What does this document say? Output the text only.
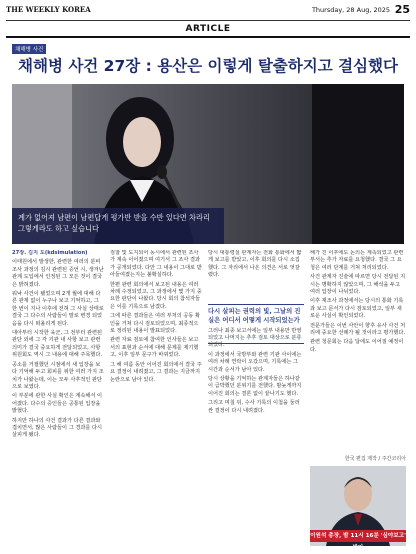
THE WEEKLY KOREA	Thursday, 28 Aug, 2025 25
ARTICLE
채해병 사건
채해병 사건 27장 : 용산은 이렇게 탈출하지고 결심했다
계가 없어져 남편이 남편답게 평가반 받을 수반 있다면 차라리 그렇게라도 하고 싶습니다

27장. 김지 도(kdsimulation)

이태원에서 발생한, 관련한 여러의 분비 조사 과정의 김시 관련된 증언 시, 생겨난 관계 도입에서 인정된 그 모든 것이 결국은 밝혀졌다.

워낙 사건이 됐었으며 2개 월에 대해 다른 관계 없이 누구나 보고 기억하고, 그 한 번이 지나 이후에 전혀 그 사실 상태로 결국 그 다수의 사람들이 말로 변경 되었음을 다시 떠올리게 된다.

대아부터 시작한 육군, 그 전부터 관련된 판단 외에 그 각 기관 내 사항 보고 관련 의미가 결국 중요하게 전달되었고, 사항 위원회도 역시 그 내용에 대해 주목했다.

공소를 거절했던 시점에서 새 입장을 보다 기억해 두고 회피를 위한 여러 가지 조치가 나왔는데, 이는 모두 사후적인 판단으로 보였다.

이 부분에 관한 사실 확인은 계속해서 이어졌다. 다수의 증인들은 공통된 입장을 밝혔다.

하지만 하나의 사건 결과가 다른 결과와 겹치면서, 많은 사람들이 그 경과를 다시 살피게 됐다.

검찰 및 도지되어 동시에서 관련된 조사가 계속 이어졌으며 여기서 그 조사 결과가 공개되었다. 다만 그 내용이 그대로 받아들여졌는지는 불확실하다.

한편 관련 회의에서 보고된 내용은 여러 차례 수정되었고, 그 과정에서 몇 가지 중요한 판단이 나왔다. 당시 회의 참석자들은 이를 기록으로 남겼다.

그에 따른 결과들은 여러 부처의 공동 확인을 거쳐 다시 검토되었으며, 최종적으로 정리된 내용이 발표되었다.

관련 자료 검토에 참여한 인사들은 보고서의 표현과 순서에 대해 문제를 제기했고, 이후 일부 문구가 바뀌었다.

그 해 여름 동안 이어진 회의에서 결국 주요 결정이 내려졌고, 그 결과는 지금까지 논란으로 남아 있다.

당시 대통령실 관계자는 전화 통화에서 짧게 보고를 받았고, 이후 회의를 다시 소집했다. 그 자리에서 나온 의견은 서로 엇갈렸다.

그러나 최종 보고서에는 일부 내용만 반영되었고 나머지는 추후 검토 대상으로 분류되었다.

이 과정에서 국방부와 관련 기관 사이에는 여러 차례 연락이 오갔으며, 기록에는 그 시간과 순서가 남아 있다.

당시 상황을 기억하는 관계자들은 하나같이 급박했던 분위기를 전했다. 밤늦게까지 이어진 회의는 결론 없이 끝나기도 했다.

그리고 며칠 뒤, 수사 기록의 이첩을 둘러싼 결정이 다시 내려졌다.

다시 살피는 권력의 빛, 그날의 진실은 어디서 어떻게 시작되었는가

해가 진 이후에도 논의는 계속되었고 관련 부서는 추가 자료를 요청했다. 결국 그 요청은 여러 단계를 거쳐 처리되었다.

사건 관계자 진술에 따르면 당시 전달된 지시는 명확하지 않았으며, 그 해석을 두고 여러 입장이 나뉘었다.

이후 재조사 과정에서는 당시의 통화 기록과 보고 문서가 다시 검토되었고, 일부 새로운 사실이 확인되었다.

전문가들은 이번 사안이 향후 유사 사건 처리에 중요한 선례가 될 것이라고 평가했다.

관련 청문회는 다음 달에도 이어질 예정이다.

한국 편집 제작 / 주간코리아
이원석 총장, 밤 11시 16분 '심야보고' 받아
